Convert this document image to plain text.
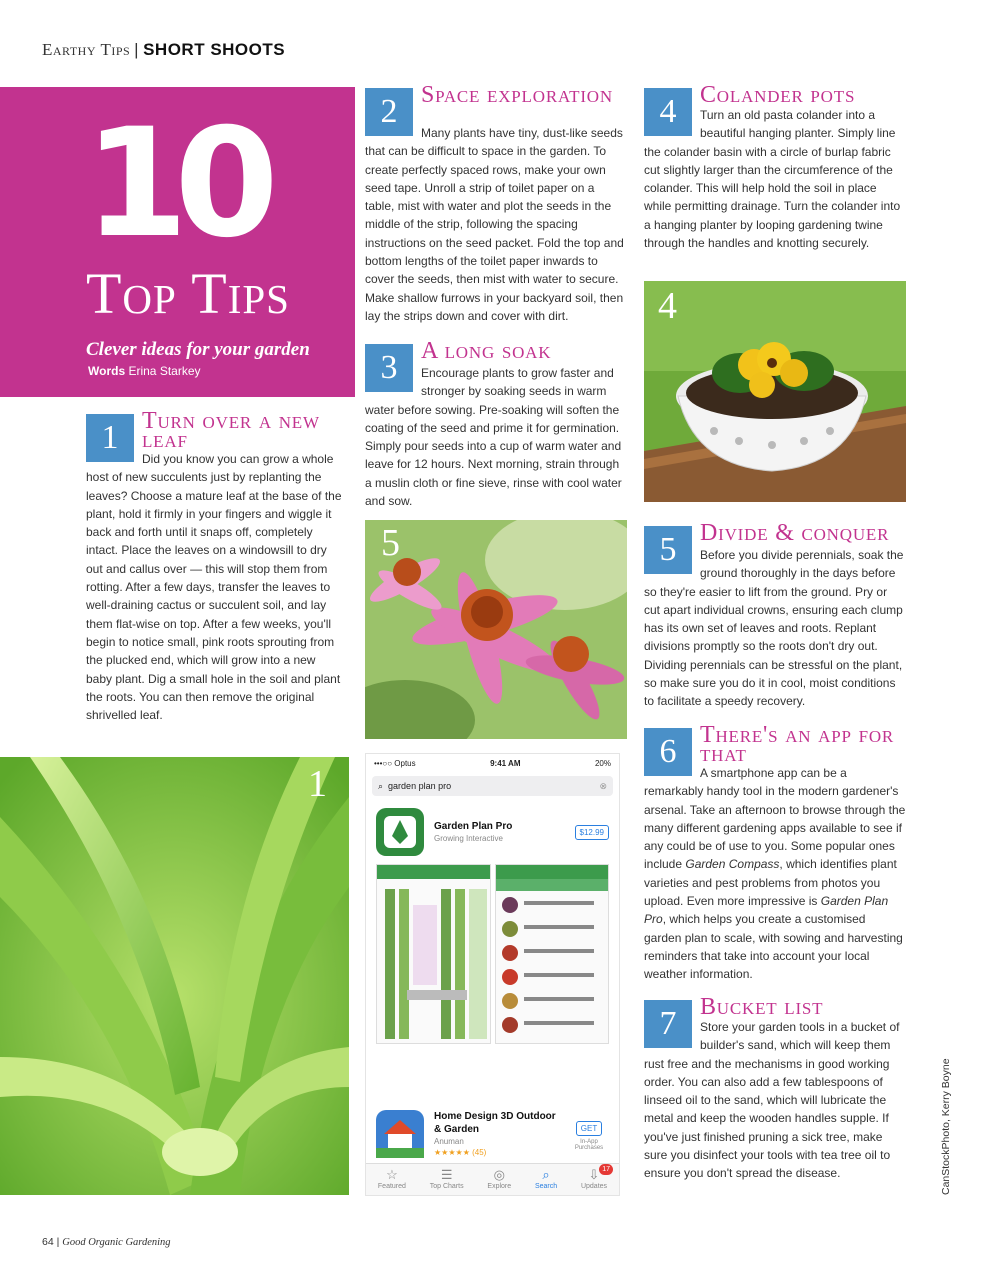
Earthy Tips | SHORT SHOOTS
10
Top Tips
Clever ideas for your garden
Words Erina Starkey
1 Turn over a new leaf
Did you know you can grow a whole host of new succulents just by replanting the leaves? Choose a mature leaf at the base of the plant, hold it firmly in your fingers and wiggle it back and forth until it snaps off, completely intact. Place the leaves on a windowsill to dry out and callus over — this will stop them from rotting. After a few days, transfer the leaves to well-draining cactus or succulent soil, and lay them flat-wise on top. After a few weeks, you'll begin to notice small, pink roots sprouting from the plucked end, which will grow into a new baby plant. Dig a small hole in the soil and plant the roots. You can then remove the original shrivelled leaf.
2 Space exploration
Many plants have tiny, dust-like seeds that can be difficult to space in the garden. To create perfectly spaced rows, make your own seed tape. Unroll a strip of toilet paper on a table, mist with water and plot the seeds in the middle of the strip, following the spacing instructions on the seed packet. Fold the top and bottom lengths of the toilet paper inwards to cover the seeds, then mist with water to secure. Make shallow furrows in your backyard soil, then lay the strips down and cover with dirt.
3 A long soak
Encourage plants to grow faster and stronger by soaking seeds in warm water before sowing. Pre-soaking will soften the coating of the seed and prime it for germination. Simply pour seeds into a cup of warm water and leave for 12 hours. Next morning, strain through a muslin cloth or fine sieve, rinse with cool water and sow.
4 Colander pots
Turn an old pasta colander into a beautiful hanging planter. Simply line the colander basin with a circle of burlap fabric cut slightly larger than the circumference of the colander. This will help hold the soil in place while permitting drainage. Turn the colander into a hanging planter by looping gardening twine through the handles and knotting securely.
5 Divide & conquer
Before you divide perennials, soak the ground thoroughly in the days before so they're easier to lift from the ground. Pry or cut apart individual crowns, ensuring each clump has its own set of leaves and roots. Replant divisions promptly so the roots don't dry out. Dividing perennials can be stressful on the plant, so make sure you do it in cool, moist conditions to facilitate a speedy recovery.
6 There's an app for that
A smartphone app can be a remarkably handy tool in the modern gardener's arsenal. Take an afternoon to browse through the many different gardening apps available to see if any could be of use to you. Some popular ones include Garden Compass, which identifies plant varieties and pest problems from photos you upload. Even more impressive is Garden Plan Pro, which helps you create a customised garden plan to scale, with sowing and harvesting reminders that take into account your local weather information.
7 Bucket list
Store your garden tools in a bucket of builder's sand, which will keep them rust free and the mechanisms in good working order. You can also add a few tablespoons of linseed oil to the sand, which will lubricate the metal and keep the wooden handles supple. If you've just finished pruning a sick tree, make sure you disinfect your tools with tea tree oil to ensure you don't spread the disease.
1
4
5
•••○○ Optus	9:41 AM	20%
⌕ garden plan pro	⊗
Garden Plan Pro
Growing Interactive
$12.99
Home Design 3D Outdoor
& Garden
Anuman
★★★★★ (45)
GET
In-App Purchases
☆
Featured
☰
Top Charts
◎
Explore
⌕
Search
⇩
Updates
17	CanStockPhoto, Kerry Boyne
64 | Good Organic Gardening
